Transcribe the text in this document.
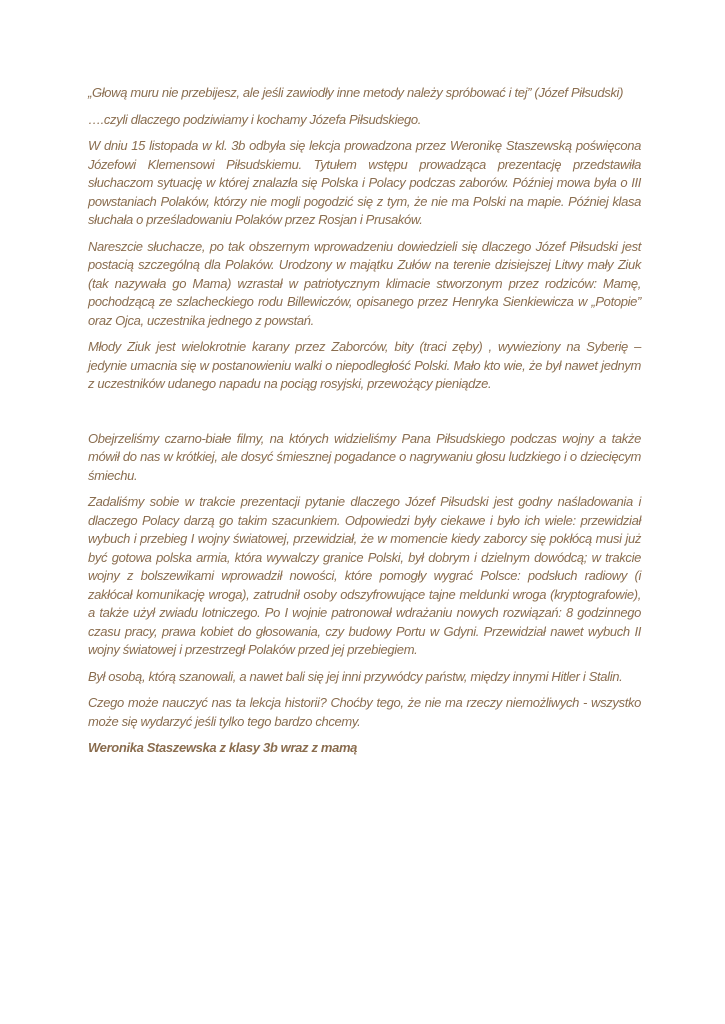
„Głową muru nie przebijesz, ale jeśli zawiodły inne metody należy spróbować i tej” (Józef Piłsudski)

….czyli dlaczego podziwiamy i kochamy Józefa Piłsudskiego.

W dniu 15 listopada w kl. 3b odbyła się lekcja prowadzona przez Weronikę Staszewską poświęcona Józefowi Klemensowi Piłsudskiemu. Tytułem wstępu prowadząca prezentację przedstawiła słuchaczom sytuację w której znalazła się Polska i Polacy podczas zaborów. Później mowa była o III powstaniach Polaków, którzy nie mogli pogodzić się z tym, że nie ma Polski na mapie. Później klasa słuchała o prześladowaniu Polaków przez Rosjan i Prusaków.

Nareszcie słuchacze, po tak obszernym wprowadzeniu dowiedzieli się dlaczego Józef Piłsudski jest postacią szczególną dla Polaków. Urodzony w majątku Zułów na terenie dzisiejszej Litwy mały Ziuk (tak nazywała go Mama) wzrastał w patriotycznym klimacie stworzonym przez rodziców: Mamę, pochodzącą ze szlacheckiego rodu Billewiczów, opisanego przez Henryka Sienkiewicza w „Potopie” oraz Ojca, uczestnika jednego z powstań.

Młody Ziuk jest wielokrotnie karany przez Zaborców, bity (traci zęby) , wywieziony na Syberię – jedynie umacnia się w postanowieniu walki o niepodległość Polski. Mało kto wie, że był nawet jednym z uczestników udanego napadu na pociąg rosyjski, przewożący pieniądze.

Obejrzeliśmy czarno-białe filmy, na których widzieliśmy Pana Piłsudskiego podczas wojny a także mówił do nas w krótkiej, ale dosyć śmiesznej pogadance o nagrywaniu głosu ludzkiego i o dziecięcym śmiechu.

Zadaliśmy sobie w trakcie prezentacji pytanie dlaczego Józef Piłsudski jest godny naśladowania i dlaczego Polacy darzą go takim szacunkiem. Odpowiedzi były ciekawe i było ich wiele: przewidział wybuch i przebieg I wojny światowej, przewidział, że w momencie kiedy zaborcy się pokłócą musi już być gotowa polska armia, która wywalczy granice Polski, był dobrym i dzielnym dowódcą; w trakcie wojny z bolszewikami wprowadził nowości, które pomogły wygrać Polsce: podsłuch radiowy (i zakłócał komunikację wroga), zatrudnił osoby odszyfrowujące tajne meldunki wroga (kryptografowie), a także użył zwiadu lotniczego. Po I wojnie patronował wdrażaniu nowych rozwiązań: 8 godzinnego czasu pracy, prawa kobiet do głosowania, czy budowy Portu w Gdyni. Przewidział nawet wybuch II wojny światowej i przestrzegł Polaków przed jej przebiegiem.

Był osobą, którą szanowali, a nawet bali się jej inni przywódcy państw, między innymi Hitler i Stalin.

Czego może nauczyć nas ta lekcja historii? Choćby tego, że nie ma rzeczy niemożliwych - wszystko może się wydarzyć jeśli tylko tego bardzo chcemy.

Weronika Staszewska z klasy 3b wraz z mamą
